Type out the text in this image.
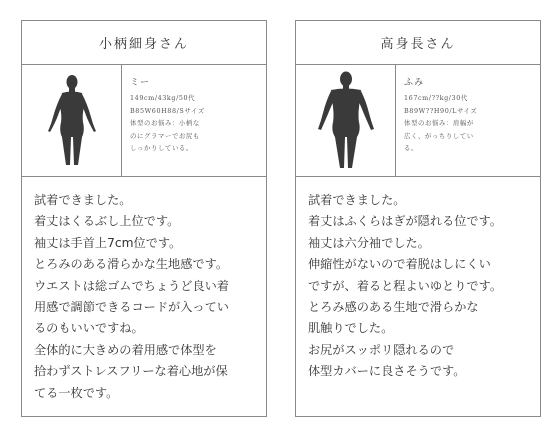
小柄細身さん
ミー
149cm/43kg/50代
B85W60H88/Sサイズ
体型のお悩み：小柄な
のにグラマーでお尻も
しっかりしている。
試着できました。
着丈はくるぶし上位です。
袖丈は手首上7cm位です。
とろみのある滑らかな生地感です。
ウエストは総ゴムでちょうど良い着
用感で調節できるコードが入ってい
るのもいいですね。
全体的に大きめの着用感で体型を
拾わずストレスフリーな着心地が保
てる一枚です。
高身長さん
ふみ
167cm/??kg/30代
B89W??H90/Lサイズ
体型のお悩み：肩幅が
広く、がっちりしてい
る。
試着できました。
着丈はふくらはぎが隠れる位です。
袖丈は六分袖でした。
伸縮性がないので着脱はしにくい
ですが、着ると程よいゆとりです。
とろみ感のある生地で滑らかな
肌触りでした。
お尻がスッポリ隠れるので
体型カバーに良さそうです。
